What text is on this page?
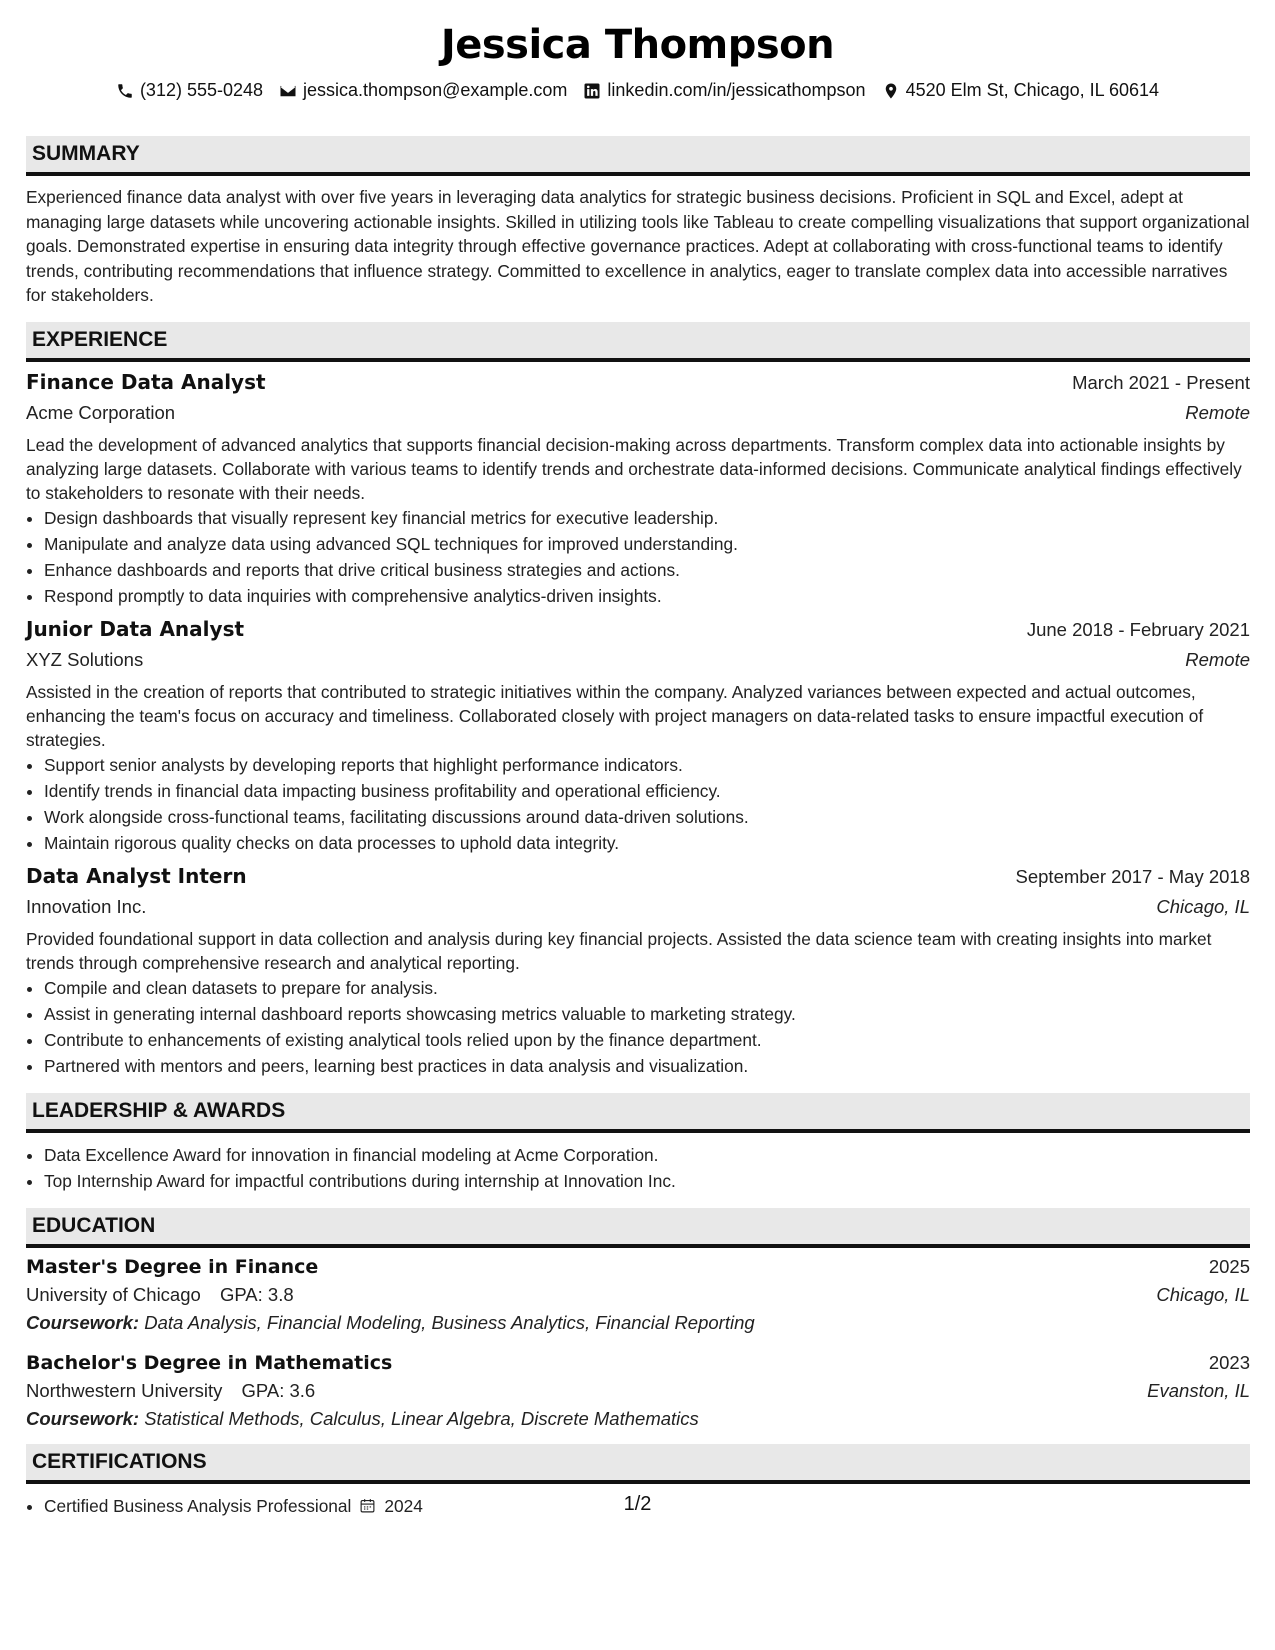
Jessica Thompson
(312) 555-0248 jessica.thompson@example.com linkedin.com/in/jessicathompson 4520 Elm St, Chicago, IL 60614
SUMMARY
Experienced finance data analyst with over five years in leveraging data analytics for strategic business decisions. Proficient in SQL and Excel, adept at managing large datasets while uncovering actionable insights. Skilled in utilizing tools like Tableau to create compelling visualizations that support organizational goals. Demonstrated expertise in ensuring data integrity through effective governance practices. Adept at collaborating with cross-functional teams to identify trends, contributing recommendations that influence strategy. Committed to excellence in analytics, eager to translate complex data into accessible narratives for stakeholders.
EXPERIENCE
Finance Data Analyst	March 2021 - Present
Acme Corporation	Remote
Lead the development of advanced analytics that supports financial decision-making across departments. Transform complex data into actionable insights by analyzing large datasets. Collaborate with various teams to identify trends and orchestrate data-informed decisions. Communicate analytical findings effectively to stakeholders to resonate with their needs.
• Design dashboards that visually represent key financial metrics for executive leadership.
• Manipulate and analyze data using advanced SQL techniques for improved understanding.
• Enhance dashboards and reports that drive critical business strategies and actions.
• Respond promptly to data inquiries with comprehensive analytics-driven insights.
Junior Data Analyst	June 2018 - February 2021
XYZ Solutions	Remote
Assisted in the creation of reports that contributed to strategic initiatives within the company. Analyzed variances between expected and actual outcomes, enhancing the team's focus on accuracy and timeliness. Collaborated closely with project managers on data-related tasks to ensure impactful execution of strategies.
• Support senior analysts by developing reports that highlight performance indicators.
• Identify trends in financial data impacting business profitability and operational efficiency.
• Work alongside cross-functional teams, facilitating discussions around data-driven solutions.
• Maintain rigorous quality checks on data processes to uphold data integrity.
Data Analyst Intern	September 2017 - May 2018
Innovation Inc.	Chicago, IL
Provided foundational support in data collection and analysis during key financial projects. Assisted the data science team with creating insights into market trends through comprehensive research and analytical reporting.
• Compile and clean datasets to prepare for analysis.
• Assist in generating internal dashboard reports showcasing metrics valuable to marketing strategy.
• Contribute to enhancements of existing analytical tools relied upon by the finance department.
• Partnered with mentors and peers, learning best practices in data analysis and visualization.
LEADERSHIP & AWARDS
• Data Excellence Award for innovation in financial modeling at Acme Corporation.
• Top Internship Award for impactful contributions during internship at Innovation Inc.
EDUCATION
Master's Degree in Finance	2025
University of Chicago GPA: 3.8	Chicago, IL
Coursework: Data Analysis, Financial Modeling, Business Analytics, Financial Reporting
Bachelor's Degree in Mathematics	2023
Northwestern University GPA: 3.6	Evanston, IL
Coursework: Statistical Methods, Calculus, Linear Algebra, Discrete Mathematics
CERTIFICATIONS
• Certified Business Analysis Professional 2024	1/2
